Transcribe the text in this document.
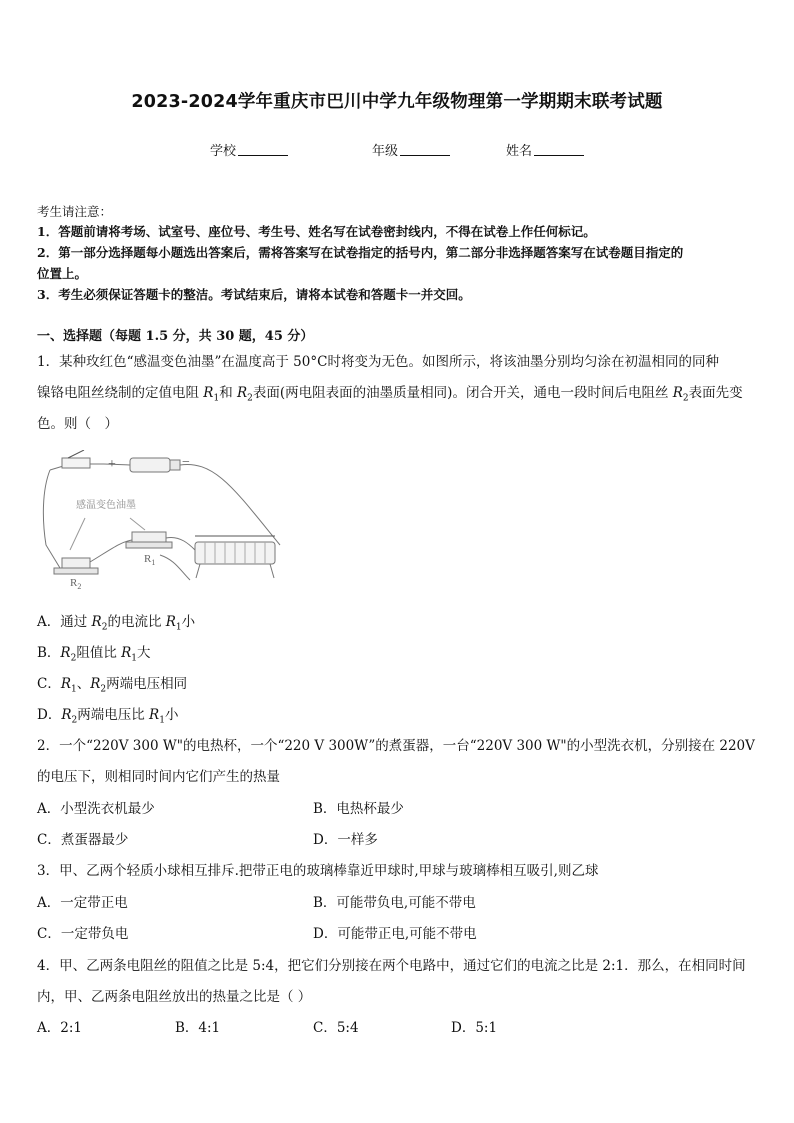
2023-2024学年重庆市巴川中学九年级物理第一学期期末联考试题
学校	年级	姓名
考生请注意：
1．答题前请将考场、试室号、座位号、考生号、姓名写在试卷密封线内，不得在试卷上作任何标记。
2．第一部分选择题每小题选出答案后，需将答案写在试卷指定的括号内，第二部分非选择题答案写在试卷题目指定的
位置上。
3．考生必须保证答题卡的整洁。考试结束后，请将本试卷和答题卡一并交回。
一、选择题（每题 1.5 分，共 30 题，45 分）
1．某种玫红色“感温变色油墨”在温度高于 50°C时将变为无色。如图所示，将该油墨分别均匀涂在初温相同的同种
镍铬电阻丝绕制的定值电阻 $R_1$和 $R_2$表面(两电阻表面的油墨质量相同)。闭合开关，通电一段时间后电阻丝 $R_2$表面先变
色。则（　）
+	−
感温变色油墨
$R_2$
$R_1$
A．通过 $R_2$的电流比 $R_1$小
B．$R_2$阻值比 $R_1$大
C．$R_1$、$R_2$两端电压相同
D．$R_2$两端电压比 $R_1$小
2．一个“220V 300 W"的电热杯，一个“220 V 300W”的煮蛋器，一台“220V 300 W"的小型洗衣机，分别接在 220V
的电压下，则相同时间内它们产生的热量
A．小型洗衣机最少	B．电热杯最少
C．煮蛋器最少	D．一样多
3．甲、乙两个轻质小球相互排斥.把带正电的玻璃棒靠近甲球时,甲球与玻璃棒相互吸引,则乙球
A．一定带正电	B．可能带负电,可能不带电
C．一定带负电	D．可能带正电,可能不带电
4．甲、乙两条电阻丝的阻值之比是 5:4，把它们分别接在两个电路中，通过它们的电流之比是 2:1．那么，在相同时间
内，甲、乙两条电阻丝放出的热量之比是（ ）
A．2:1	B．4:1	C．5:4	D．5:1
